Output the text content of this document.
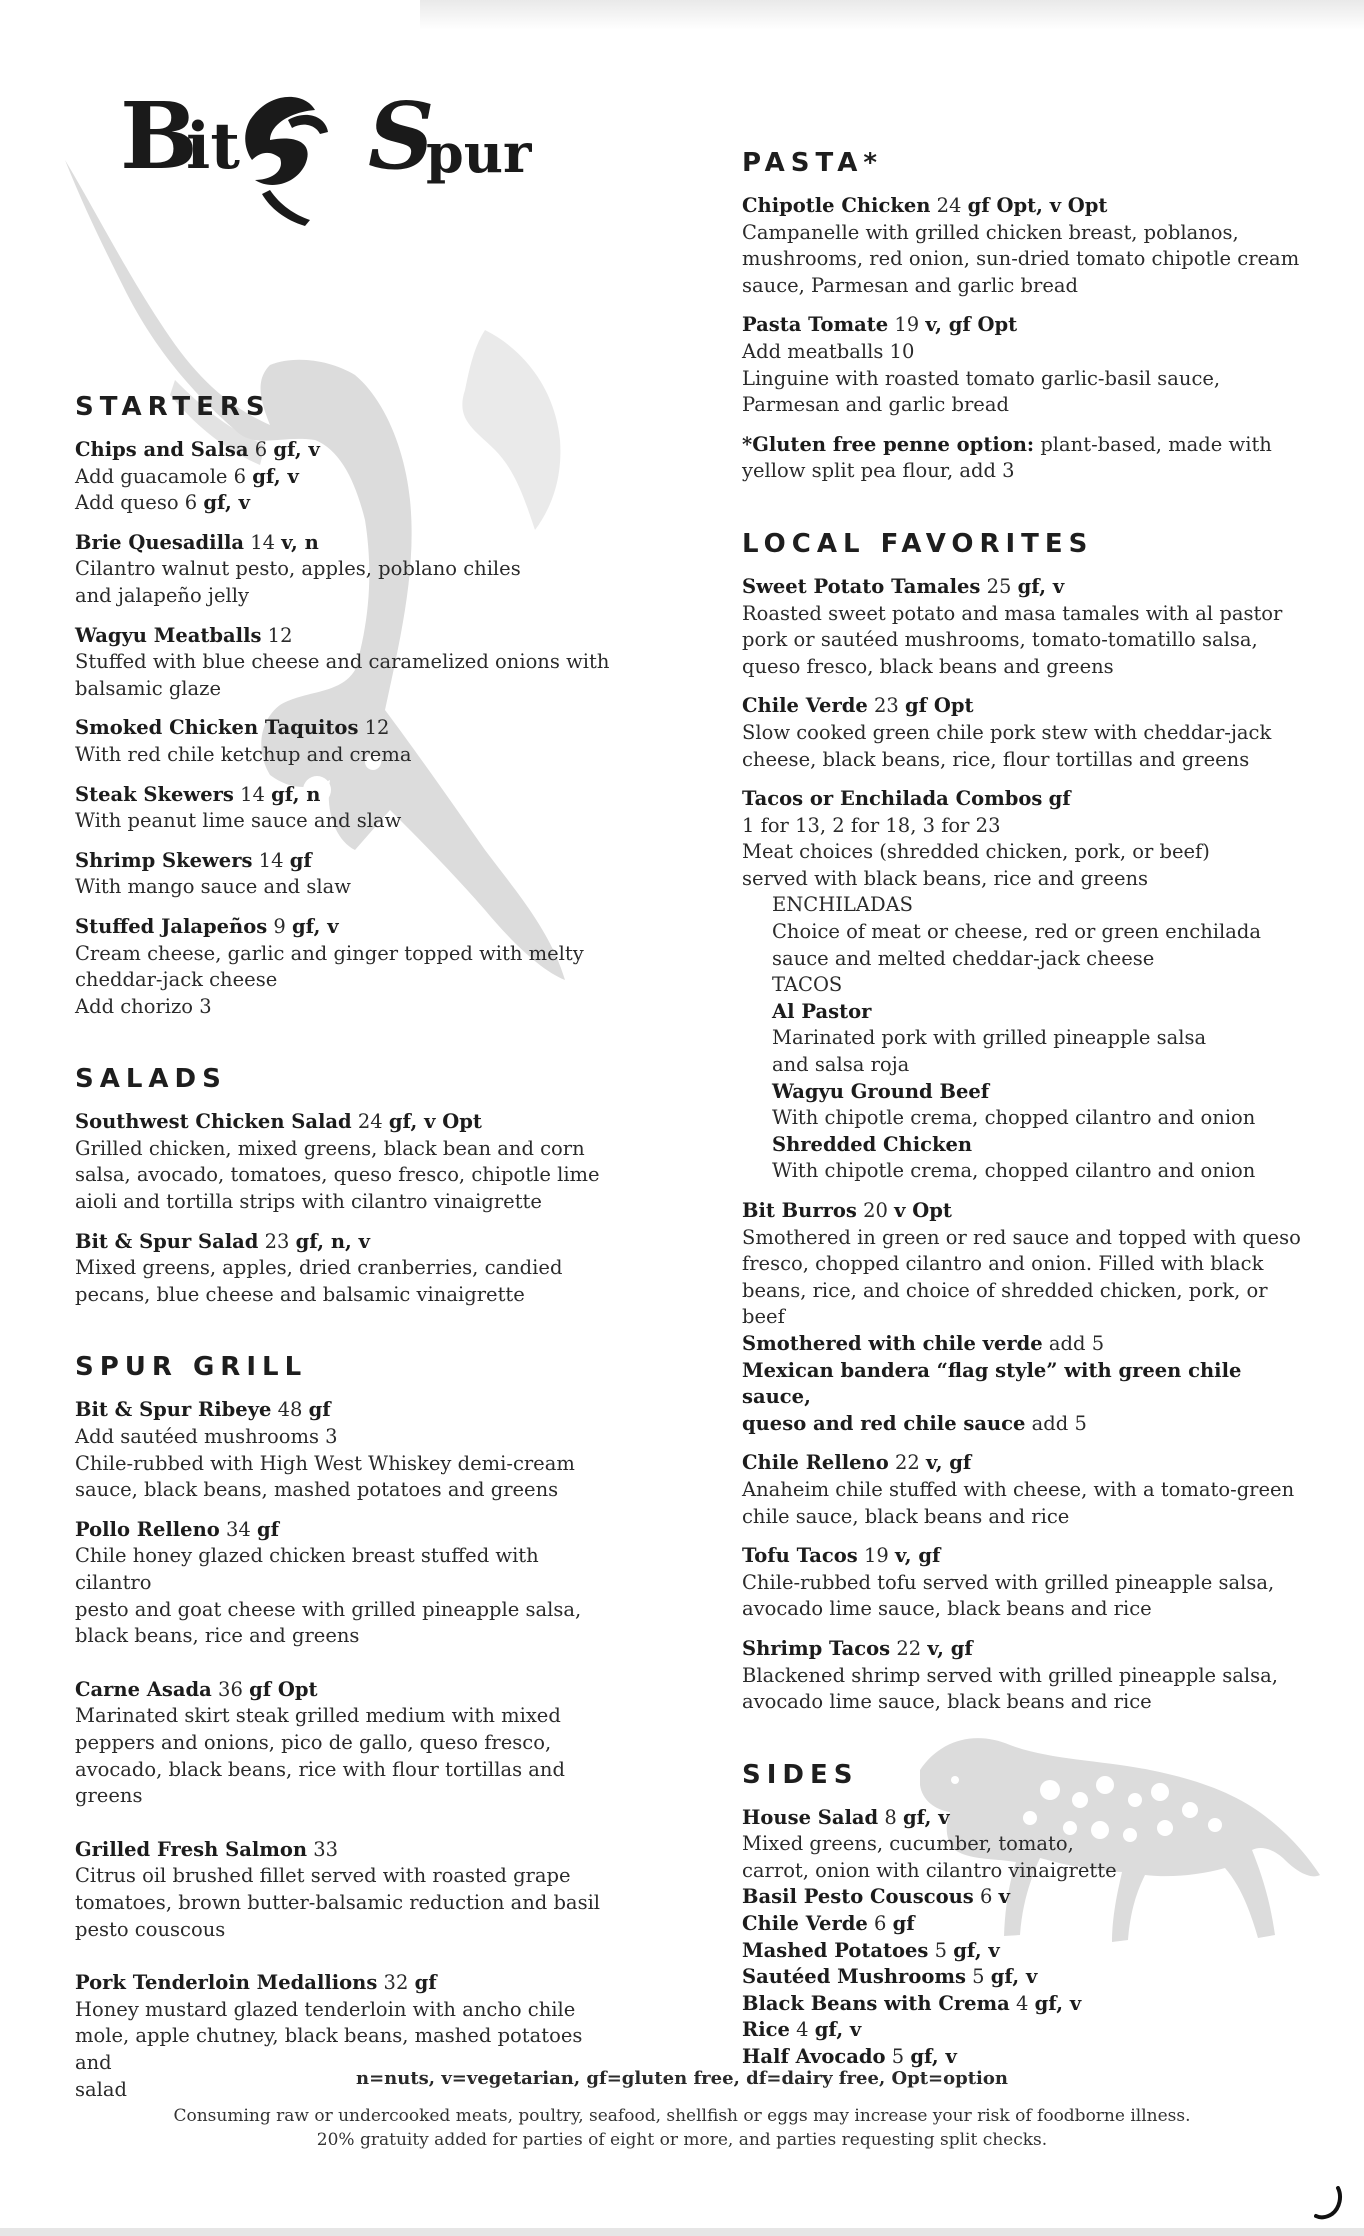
B
it S
pur
STARTERS
Chips and Salsa 6 gf, v
Add guacamole 6 gf, v
Add queso 6 gf, v
Brie Quesadilla 14 v, n
Cilantro walnut pesto, apples, poblano chiles
and jalapeño jelly
Wagyu Meatballs 12
Stuffed with blue cheese and caramelized onions with
balsamic glaze
Smoked Chicken Taquitos 12
With red chile ketchup and crema
Steak Skewers 14 gf, n
With peanut lime sauce and slaw
Shrimp Skewers 14 gf
With mango sauce and slaw
Stuffed Jalapeños 9 gf, v
Cream cheese, garlic and ginger topped with melty
cheddar-jack cheese
Add chorizo 3
SALADS
Southwest Chicken Salad 24 gf, v Opt
Grilled chicken, mixed greens, black bean and corn
salsa, avocado, tomatoes, queso fresco, chipotle lime
aioli and tortilla strips with cilantro vinaigrette
Bit & Spur Salad 23 gf, n, v
Mixed greens, apples, dried cranberries, candied
pecans, blue cheese and balsamic vinaigrette
SPUR GRILL
Bit & Spur Ribeye 48 gf
Add sautéed mushrooms 3
Chile-rubbed with High West Whiskey demi-cream
sauce, black beans, mashed potatoes and greens
Pollo Relleno 34 gf
Chile honey glazed chicken breast stuffed with cilantro
pesto and goat cheese with grilled pineapple salsa,
black beans, rice and greens
Carne Asada 36 gf Opt
Marinated skirt steak grilled medium with mixed
peppers and onions, pico de gallo, queso fresco,
avocado, black beans, rice with flour tortillas and greens
Grilled Fresh Salmon 33
Citrus oil brushed fillet served with roasted grape
tomatoes, brown butter-balsamic reduction and basil
pesto couscous
Pork Tenderloin Medallions 32 gf
Honey mustard glazed tenderloin with ancho chile
mole, apple chutney, black beans, mashed potatoes and
salad
PASTA*
Chipotle Chicken 24 gf Opt, v Opt
Campanelle with grilled chicken breast, poblanos,
mushrooms, red onion, sun-dried tomato chipotle cream
sauce, Parmesan and garlic bread
Pasta Tomate 19 v, gf Opt
Add meatballs 10
Linguine with roasted tomato garlic-basil sauce,
Parmesan and garlic bread
*Gluten free penne option: plant-based, made with
yellow split pea flour, add 3
LOCAL FAVORITES
Sweet Potato Tamales 25 gf, v
Roasted sweet potato and masa tamales with al pastor
pork or sautéed mushrooms, tomato-tomatillo salsa,
queso fresco, black beans and greens
Chile Verde 23 gf Opt
Slow cooked green chile pork stew with cheddar-jack
cheese, black beans, rice, flour tortillas and greens
Tacos or Enchilada Combos gf
1 for 13, 2 for 18, 3 for 23
Meat choices (shredded chicken, pork, or beef)
served with black beans, rice and greens
ENCHILADAS
Choice of meat or cheese, red or green enchilada
sauce and melted cheddar-jack cheese
TACOS
Al Pastor
Marinated pork with grilled pineapple salsa
and salsa roja
Wagyu Ground Beef
With chipotle crema, chopped cilantro and onion
Shredded Chicken
With chipotle crema, chopped cilantro and onion
Bit Burros 20 v Opt
Smothered in green or red sauce and topped with queso
fresco, chopped cilantro and onion. Filled with black
beans, rice, and choice of shredded chicken, pork, or
beef
Smothered with chile verde add 5
Mexican bandera “flag style” with green chile sauce,
queso and red chile sauce add 5
Chile Relleno 22 v, gf
Anaheim chile stuffed with cheese, with a tomato-green
chile sauce, black beans and rice
Tofu Tacos 19 v, gf
Chile-rubbed tofu served with grilled pineapple salsa,
avocado lime sauce, black beans and rice
Shrimp Tacos 22 v, gf
Blackened shrimp served with grilled pineapple salsa,
avocado lime sauce, black beans and rice
SIDES
House Salad 8 gf, v
Mixed greens, cucumber, tomato,
carrot, onion with cilantro vinaigrette
Basil Pesto Couscous 6 v
Chile Verde 6 gf
Mashed Potatoes 5 gf, v
Sautéed Mushrooms 5 gf, v
Black Beans with Crema 4 gf, v
Rice 4 gf, v
Half Avocado 5 gf, v
n=nuts, v=vegetarian, gf=gluten free, df=dairy free, Opt=option
Consuming raw or undercooked meats, poultry, seafood, shellfish or eggs may increase your risk of foodborne illness.
20% gratuity added for parties of eight or more, and parties requesting split checks.
